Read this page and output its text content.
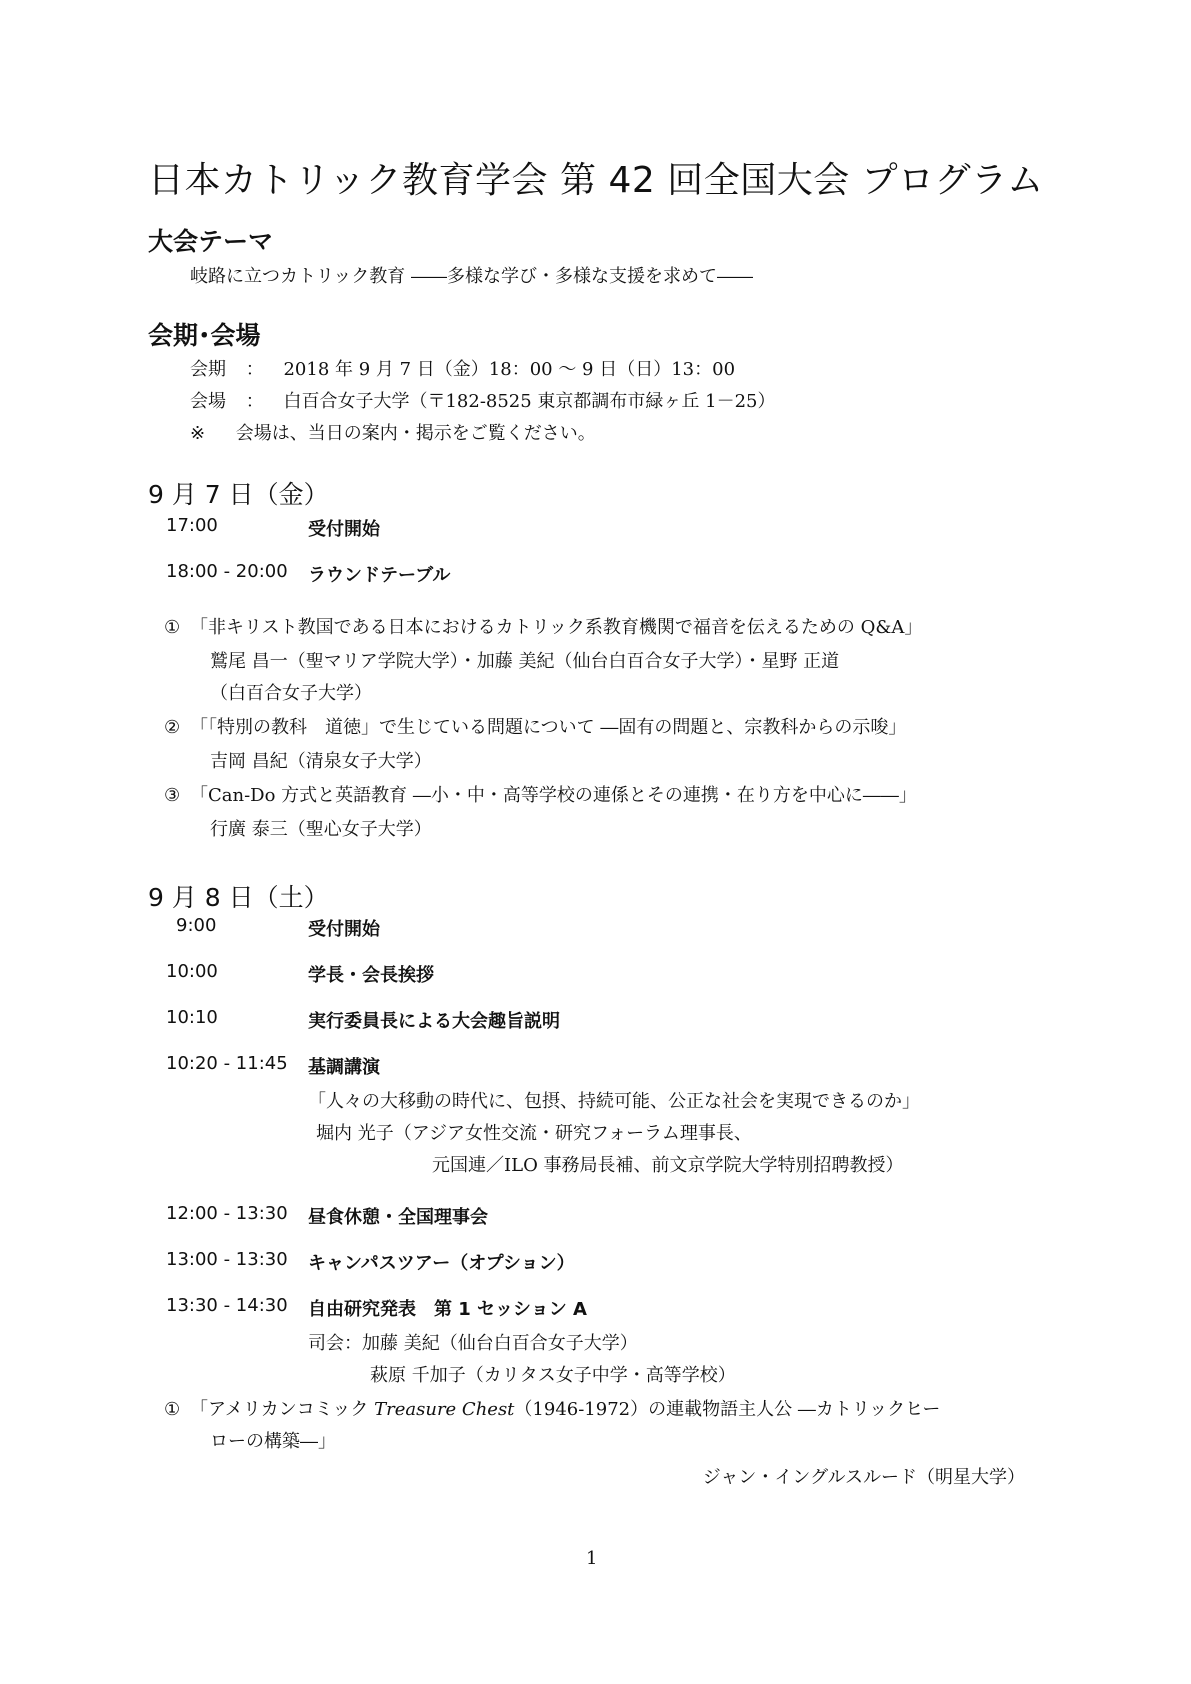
日本カトリック教育学会 第 42 回全国大会 プログラム
大会テーマ
岐路に立つカトリック教育 ――多様な学び・多様な支援を求めて――
会期･会場
会期 ： 2018 年 9 月 7 日（金）18：00 ～ 9 日（日）13：00
会場 ： 白百合女子大学（〒182-8525 東京都調布市緑ヶ丘 1－25）
※ 会場は、当日の案内・掲示をご覧ください。
9 月 7 日（金）
17:00	受付開始
18:00 - 20:00 ラウンドテーブル
① 「非キリスト教国である日本におけるカトリック系教育機関で福音を伝えるための Q&A」
鷲尾 昌一（聖マリア学院大学）・加藤 美紀（仙台白百合女子大学）・星野 正道
（白百合女子大学）
② 「｢特別の教科　道徳」で生じている問題について ―固有の問題と、宗教科からの示唆」
吉岡 昌紀（清泉女子大学）
③ 「Can-Do 方式と英語教育 ―小・中・高等学校の連係とその連携・在り方を中心に――」
行廣 泰三（聖心女子大学）
9 月 8 日（土）
9:00	受付開始
10:00	学長・会長挨拶
10:10	実行委員長による大会趣旨説明
10:20 - 11:45 基調講演
「人々の大移動の時代に、包摂、持続可能、公正な社会を実現できるのか」
堀内 光子（アジア女性交流・研究フォーラム理事長、
元国連／ILO 事務局長補、前文京学院大学特別招聘教授）
12:00 - 13:30 昼食休憩・全国理事会
13:00 - 13:30 キャンパスツアー（オプション）
13:30 - 14:30 自由研究発表　第 1 セッション A
司会：加藤 美紀（仙台白百合女子大学）
萩原 千加子（カリタス女子中学・高等学校）
① 「アメリカンコミック Treasure Chest（1946-1972）の連載物語主人公 ―カトリックヒー
ローの構築―」
ジャン・イングルスルード（明星大学）
1
